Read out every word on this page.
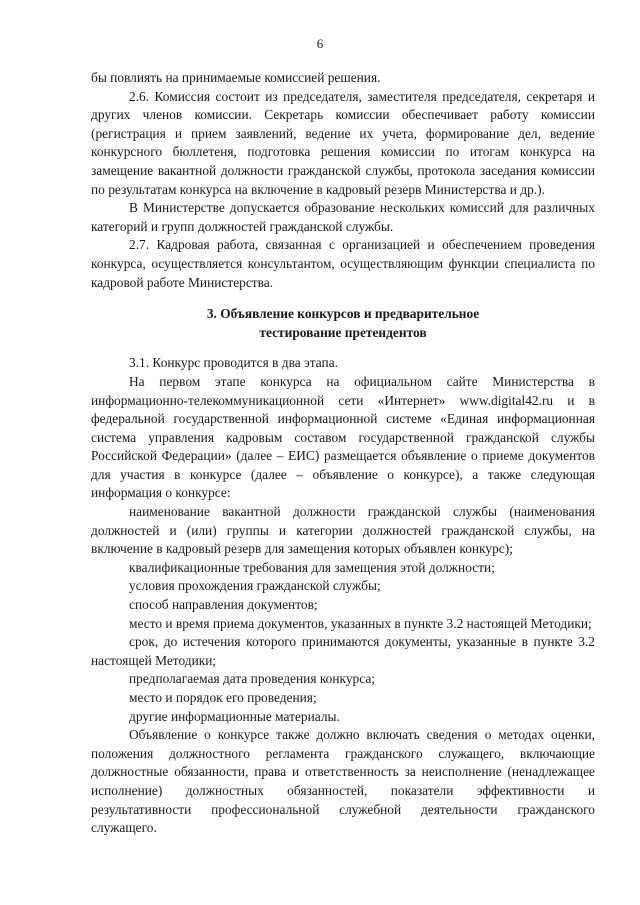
6

бы повлиять на принимаемые комиссией решения.

2.6. Комиссия состоит из председателя, заместителя председателя, секретаря и других членов комиссии. Секретарь комиссии обеспечивает работу комиссии (регистрация и прием заявлений, ведение их учета, формирование дел, ведение конкурсного бюллетеня, подготовка решения комиссии по итогам конкурса на замещение вакантной должности гражданской службы, протокола заседания комиссии по результатам конкурса на включение в кадровый резерв Министерства и др.).

В Министерстве допускается образование нескольких комиссий для различных категорий и групп должностей гражданской службы.

2.7. Кадровая работа, связанная с организацией и обеспечением проведения конкурса, осуществляется консультантом, осуществляющим функции специалиста по кадровой работе Министерства.

3. Объявление конкурсов и предварительное
тестирование претендентов

3.1. Конкурс проводится в два этапа.

На первом этапе конкурса на официальном сайте Министерства в информационно-телекоммуникационной сети «Интернет» www.digital42.ru и в федеральной государственной информационной системе «Единая информационная система управления кадровым составом государственной гражданской службы Российской Федерации» (далее – ЕИС) размещается объявление о приеме документов для участия в конкурсе (далее – объявление о конкурсе), а также следующая информация о конкурсе:

наименование вакантной должности гражданской службы (наименования должностей и (или) группы и категории должностей гражданской службы, на включение в кадровый резерв для замещения которых объявлен конкурс);

квалификационные требования для замещения этой должности;

условия прохождения гражданской службы;

способ направления документов;

место и время приема документов, указанных в пункте 3.2 настоящей Методики;

срок, до истечения которого принимаются документы, указанные в пункте 3.2 настоящей Методики;

предполагаемая дата проведения конкурса;

место и порядок его проведения;

другие информационные материалы.

Объявление о конкурсе также должно включать сведения о методах оценки, положения должностного регламента гражданского служащего, включающие должностные обязанности, права и ответственность за неисполнение (ненадлежащее исполнение) должностных обязанностей, показатели эффективности и результативности профессиональной служебной деятельности гражданского служащего.
